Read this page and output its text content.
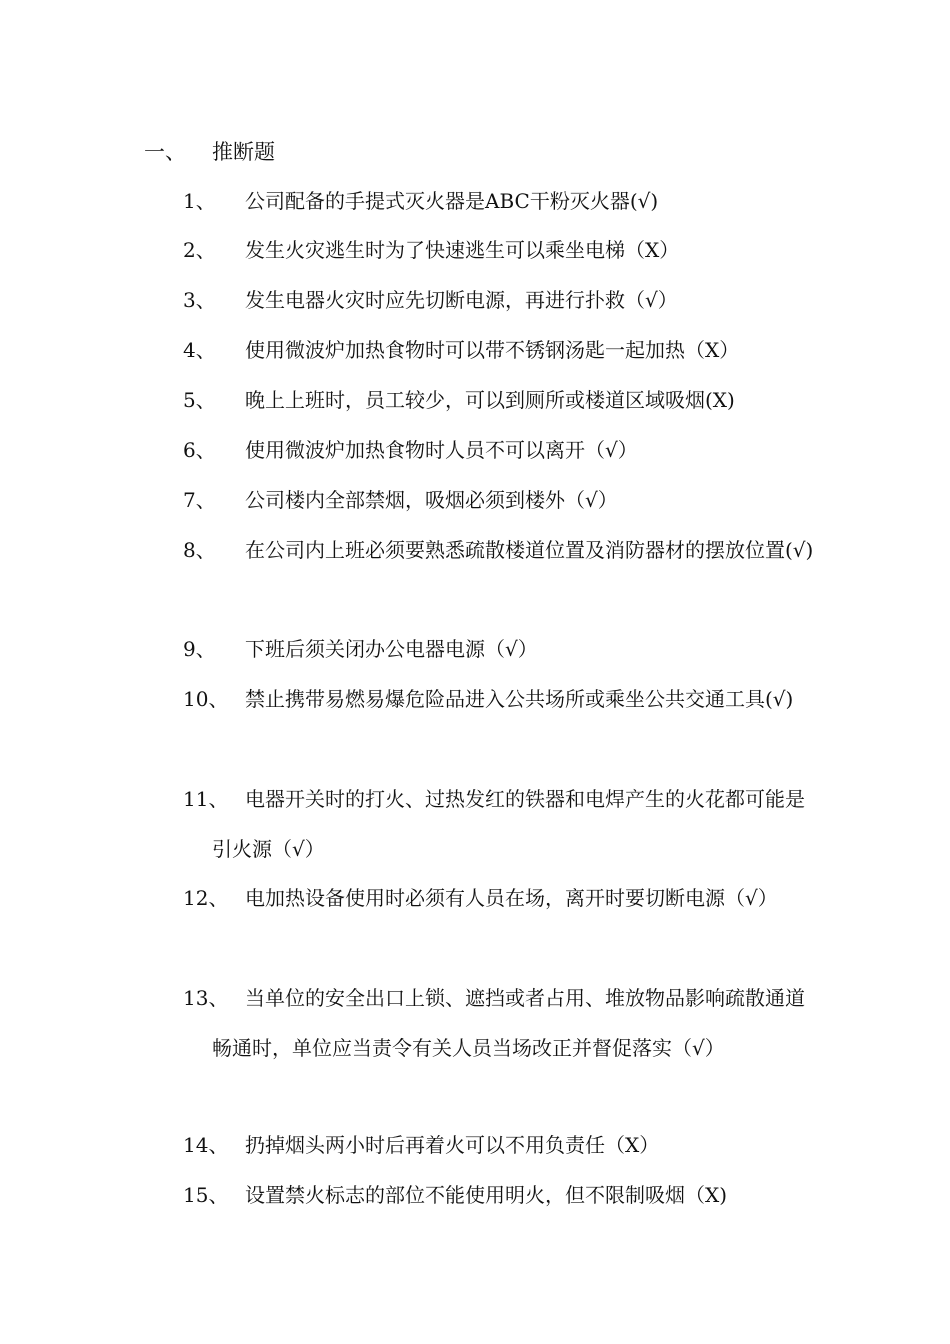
一、 推断题
1、	公司配备的手提式灭火器是ABC干粉灭火器(√)
2、	发生火灾逃生时为了快速逃生可以乘坐电梯（X）
3、	发生电器火灾时应先切断电源，再进行扑救（√）
4、	使用微波炉加热食物时可以带不锈钢汤匙一起加热（X）
5、	晚上上班时，员工较少，可以到厕所或楼道区域吸烟(X)
6、	使用微波炉加热食物时人员不可以离开（√）
7、	公司楼内全部禁烟，吸烟必须到楼外（√）
8、	在公司内上班必须要熟悉疏散楼道位置及消防器材的摆放位置(√)
9、	下班后须关闭办公电器电源（√）
10、 禁止携带易燃易爆危险品进入公共场所或乘坐公共交通工具(√)
11、 电器开关时的打火、过热发红的铁器和电焊产生的火花都可能是引火源（√）
12、 电加热设备使用时必须有人员在场，离开时要切断电源（√）
13、 当单位的安全出口上锁、遮挡或者占用、堆放物品影响疏散通道畅通时，单位应当责令有关人员当场改正并督促落实（√）
14、 扔掉烟头两小时后再着火可以不用负责任（X）
15、 设置禁火标志的部位不能使用明火，但不限制吸烟（X)
